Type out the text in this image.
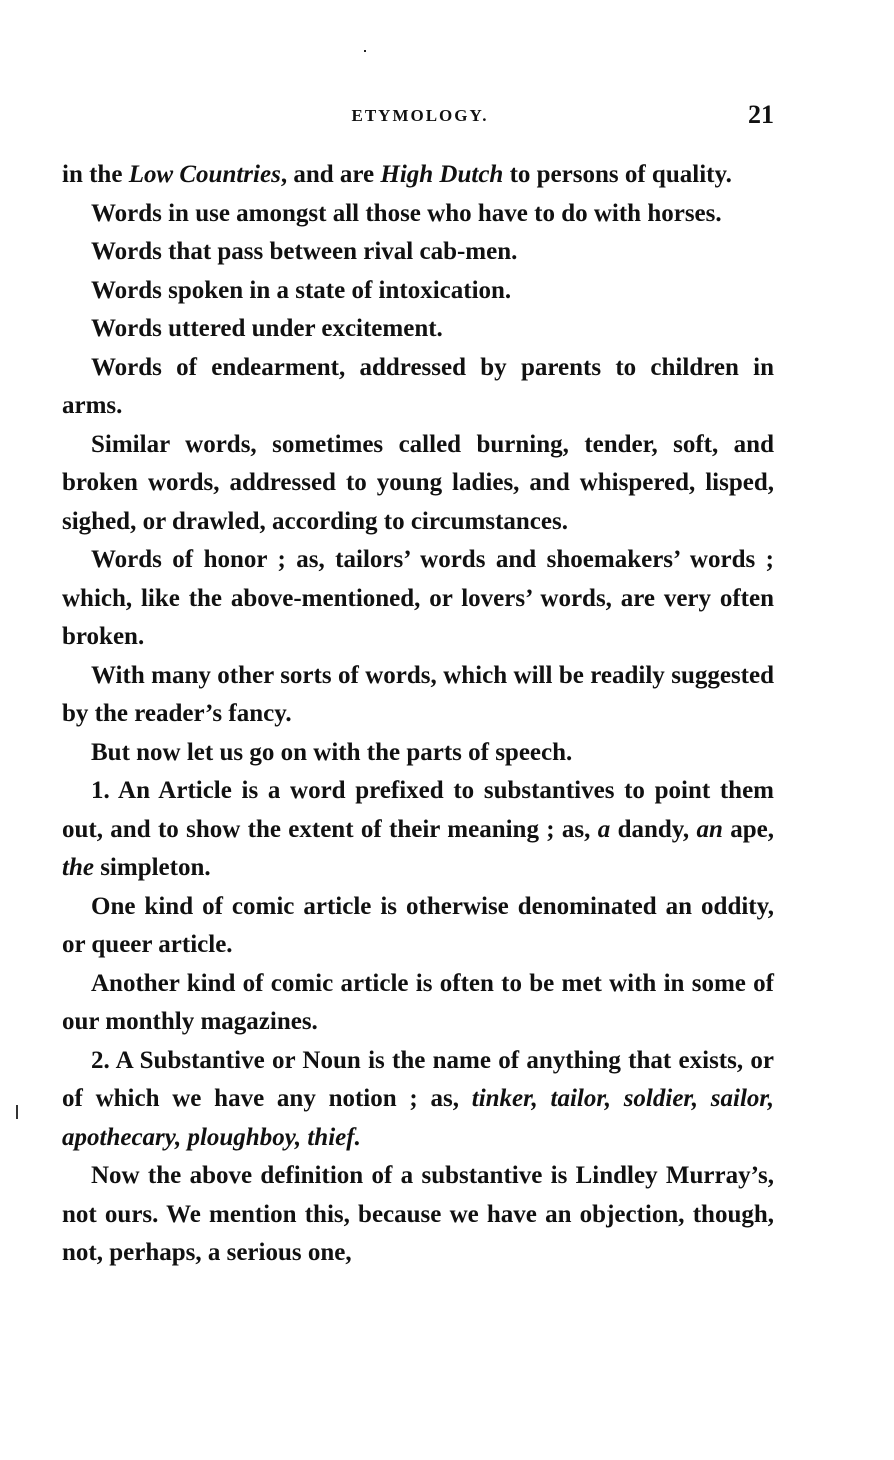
ETYMOLOGY.	21

in the Low Countries, and are High Dutch to persons of quality.

Words in use amongst all those who have to do with horses.

Words that pass between rival cab-men.

Words spoken in a state of intoxication.

Words uttered under excitement.

Words of endearment, addressed by parents to children in arms.

Similar words, sometimes called burning, tender, soft, and broken words, addressed to young ladies, and whispered, lisped, sighed, or drawled, according to circumstances.

Words of honor ; as, tailors’ words and shoemakers’ words ; which, like the above-mentioned, or lovers’ words, are very often broken.

With many other sorts of words, which will be readily suggested by the reader’s fancy.

But now let us go on with the parts of speech.

1. An Article is a word prefixed to substantives to point them out, and to show the extent of their meaning ; as, a dandy, an ape, the simpleton.

One kind of comic article is otherwise denominated an oddity, or queer article.

Another kind of comic article is often to be met with in some of our monthly magazines.

2. A Substantive or Noun is the name of anything that exists, or of which we have any notion ; as, tinker, tailor, soldier, sailor, apothecary, ploughboy, thief.

Now the above definition of a substantive is Lindley Murray’s, not ours. We mention this, because we have an objection, though, not, perhaps, a serious one,
